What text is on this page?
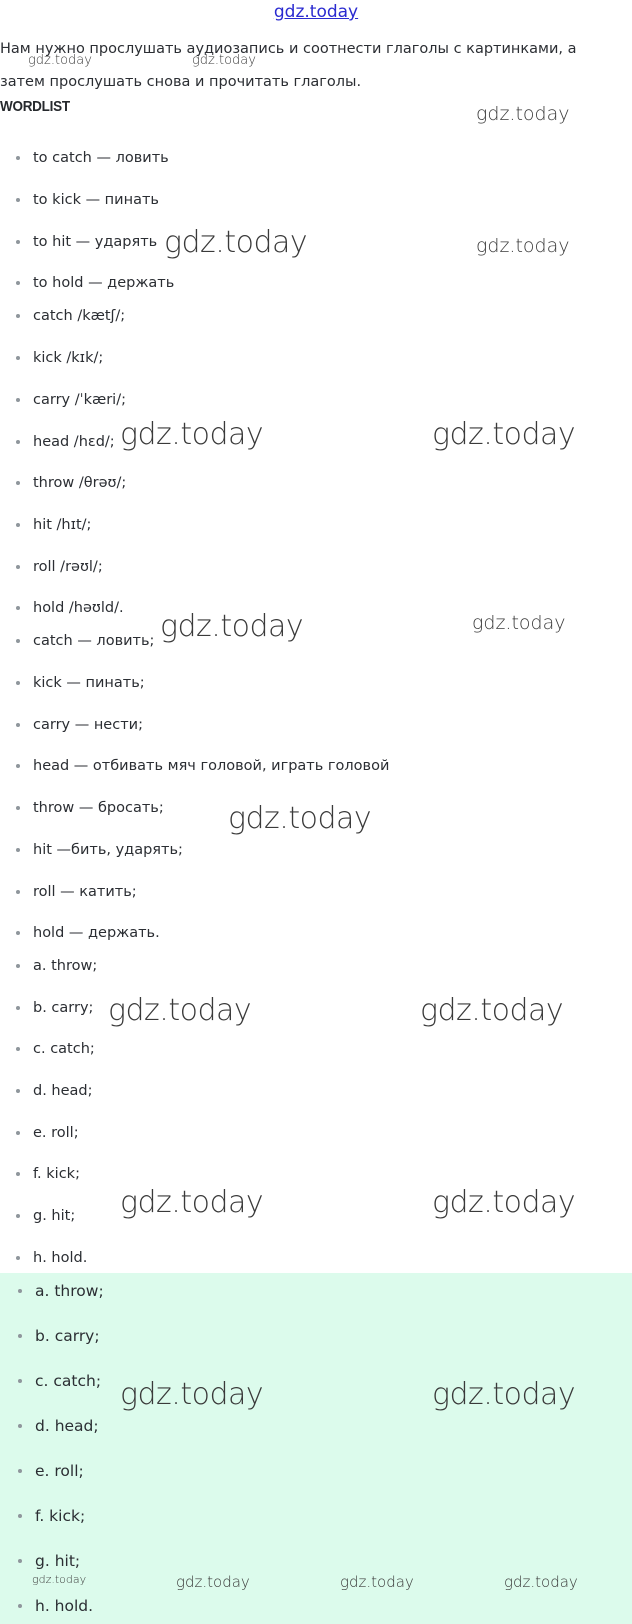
gdz.today

Нам нужно прослушать аудиозапись и соотнести глаголы с картинками, а затем прослушать снова и прочитать глаголы.

WORDLIST
to catch — ловить
to kick — пинать
to hit — ударять
to hold — держать
catch /kætʃ/;
kick /kɪk/;
carry /ˈkæri/;
head /hɛd/;
throw /θrəʊ/;
hit /hɪt/;
roll /rəʊl/;
hold /həʊld/.
catch — ловить;
kick — пинать;
carry — нести;
head — отбивать мяч головой, играть головой
throw — бросать;
hit —бить, ударять;
roll — катить;
hold — держать.
a. throw;
b. carry;
c. catch;
d. head;
e. roll;
f. kick;
g. hit;
h. hold.
a. throw;
b. carry;
c. catch;
d. head;
e. roll;
f. kick;
g. hit;
h. hold.
gdz.today	gdz.today
gdz.today
gdz.today	gdz.today
gdz.today	gdz.today
gdz.today	gdz.today
gdz.today
gdz.today	gdz.today
gdz.today	gdz.today
gdz.today	gdz.today
gdz.today	gdz.today	gdz.today	gdz.today
